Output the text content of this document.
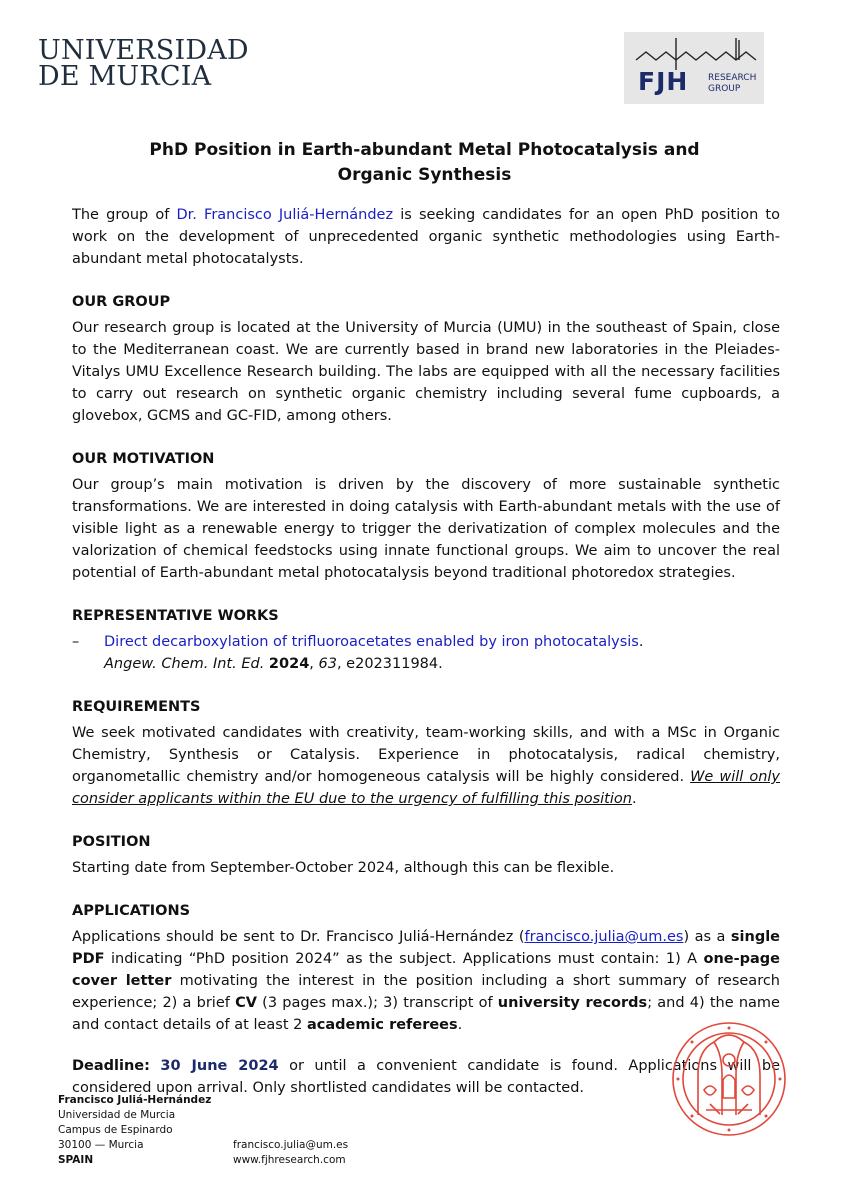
UNIVERSIDAD
DE MURCIA	FJH RESEARCH
GROUP
PhD Position in Earth-abundant Metal Photocatalysis and
Organic Synthesis

The group of Dr. Francisco Juliá-Hernández is seeking candidates for an open PhD position to work on the development of unprecedented organic synthetic methodologies using Earth-abundant metal photocatalysts.

OUR GROUP

Our research group is located at the University of Murcia (UMU) in the southeast of Spain, close to the Mediterranean coast. We are currently based in brand new laboratories in the Pleiades-Vitalys UMU Excellence Research building. The labs are equipped with all the necessary facilities to carry out research on synthetic organic chemistry including several fume cupboards, a glovebox, GCMS and GC-FID, among others.

OUR MOTIVATION

Our group’s main motivation is driven by the discovery of more sustainable synthetic transformations. We are interested in doing catalysis with Earth-abundant metals with the use of visible light as a renewable energy to trigger the derivatization of complex molecules and the valorization of chemical feedstocks using innate functional groups. We aim to uncover the real potential of Earth-abundant metal photocatalysis beyond traditional photoredox strategies.

REPRESENTATIVE WORKS
–	Direct decarboxylation of trifluoroacetates enabled by iron photocatalysis.
Angew. Chem. Int. Ed. 2024, 63, e202311984.
REQUIREMENTS

We seek motivated candidates with creativity, team-working skills, and with a MSc in Organic Chemistry, Synthesis or Catalysis. Experience in photocatalysis, radical chemistry, organometallic chemistry and/or homogeneous catalysis will be highly considered. We will only consider applicants within the EU due to the urgency of fulfilling this position.

POSITION

Starting date from September-October 2024, although this can be flexible.

APPLICATIONS

Applications should be sent to Dr. Francisco Juliá-Hernández (francisco.julia@um.es) as a single PDF indicating “PhD position 2024” as the subject. Applications must contain: 1) A one-page cover letter motivating the interest in the position including a short summary of research experience; 2) a brief CV (3 pages max.); 3) transcript of university records; and 4) the name and contact details of at least 2 academic referees.

Deadline: 30 June 2024 or until a convenient candidate is found. Applications will be considered upon arrival. Only shortlisted candidates will be contacted.

Francisco Juliá-Hernández
Universidad de Murcia
Campus de Espinardo
30100 — Murcia
SPAIN
francisco.julia@um.es
www.fjhresearch.com
